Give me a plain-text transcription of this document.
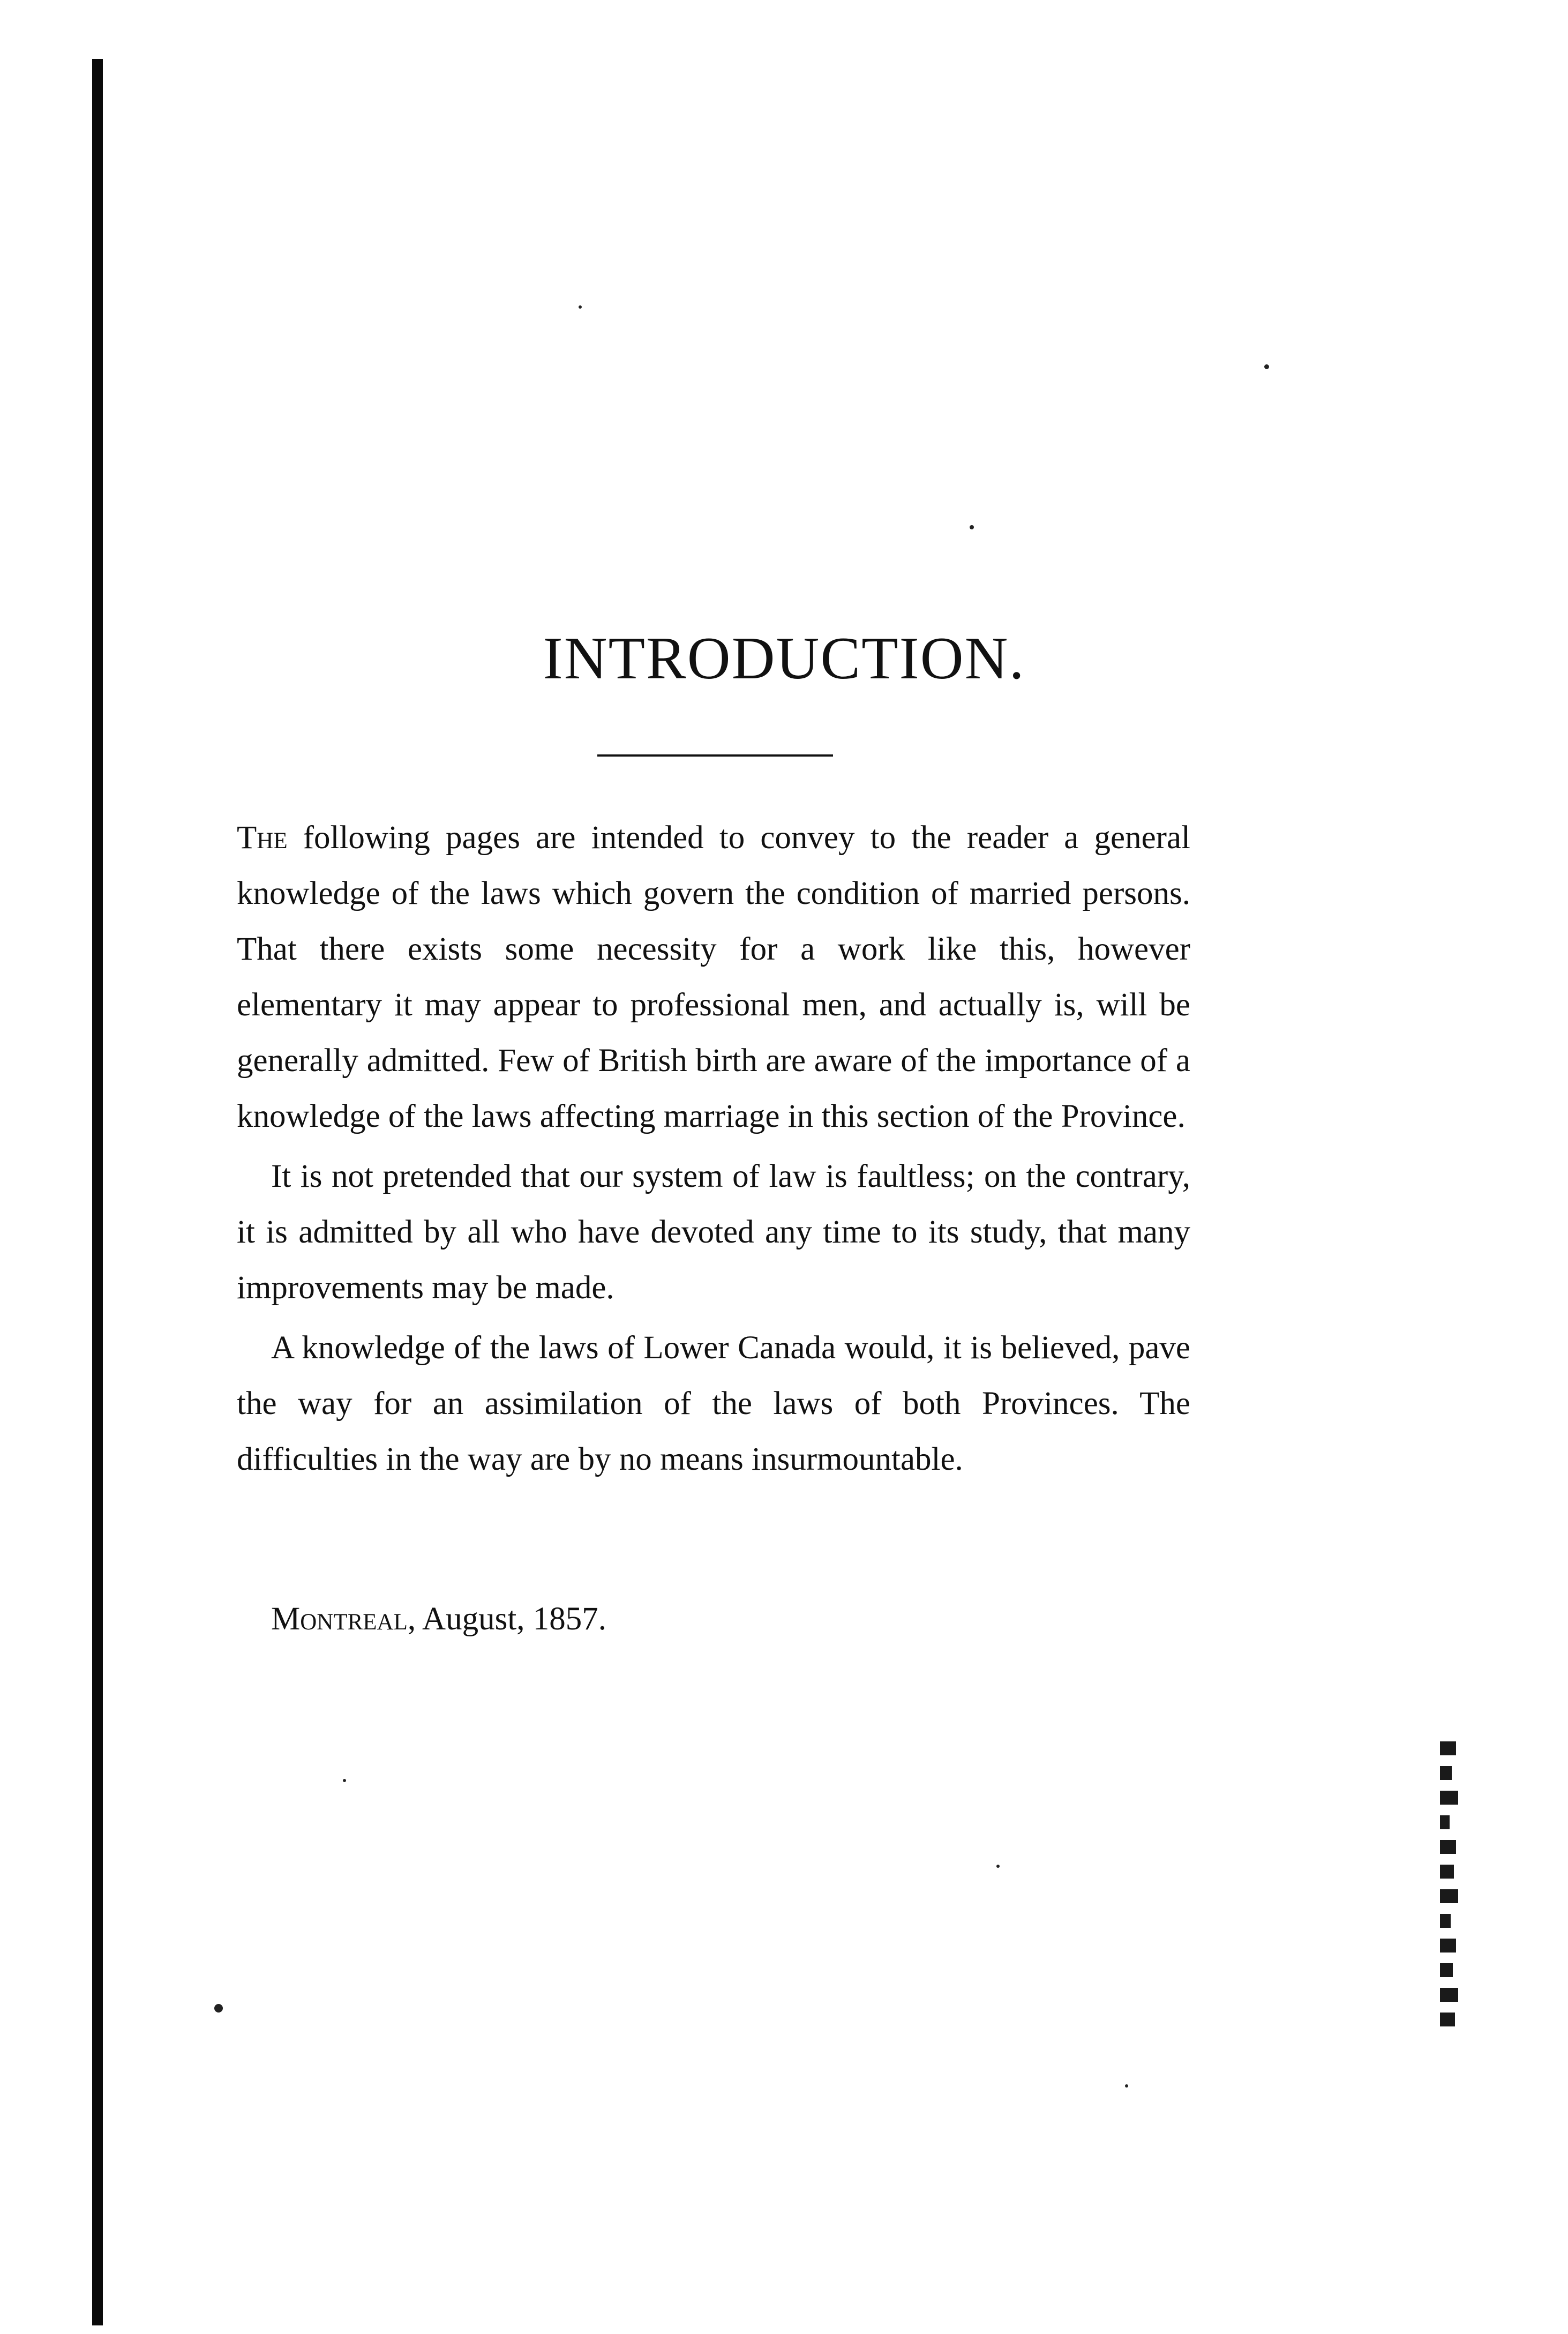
INTRODUCTION.

The following pages are intended to convey to the reader a general knowledge of the laws which govern the condition of married persons. That there exists some necessity for a work like this, however elementary it may appear to professional men, and actually is, will be generally admitted. Few of British birth are aware of the importance of a knowledge of the laws affecting marriage in this section of the Province.

It is not pretended that our system of law is faultless; on the contrary, it is admitted by all who have devoted any time to its study, that many improvements may be made.

A knowledge of the laws of Lower Canada would, it is believed, pave the way for an assimilation of the laws of both Provinces. The difficulties in the way are by no means insurmountable.

Montreal, August, 1857.
